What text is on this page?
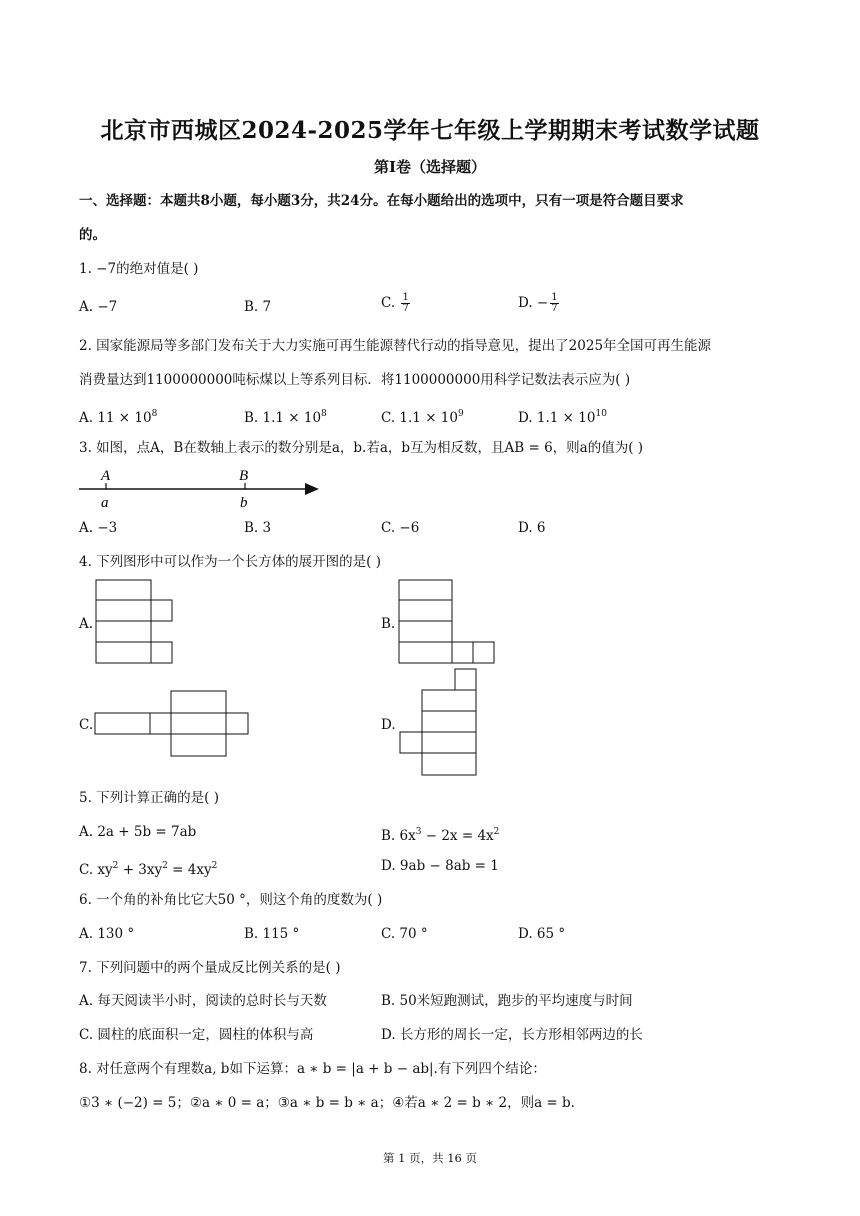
北京市西城区2024-2025学年七年级上学期期末考试数学试题
第I卷（选择题）
一、选择题：本题共8小题，每小题3分，共24分。在每小题给出的选项中，只有一项是符合题目要求
的。
1. −7的绝对值是( )
A. −7	B. 7	C. $\frac{1}{7}$	D. − $\frac{1}{7}$
2. 国家能源局等多部门发布关于大力实施可再生能源替代行动的指导意见，提出了2025年全国可再生能源
消费量达到1100000000吨标煤以上等系列目标．将1100000000用科学记数法表示应为( )
A. $11 \times 10^8$	B. $1.1 \times 10^8$	C. $1.1 \times 10^9$	D. $1.1 \times 10^{10}$
3. 如图，点A，B在数轴上表示的数分别是a，b.若a，b互为相反数，且AB = 6，则a的值为( )
A	B
a	b
A. −3	B. 3	C. −6	D. 6
4. 下列图形中可以作为一个长方体的展开图的是( )
A.	B.
C.	D.
5. 下列计算正确的是( )
A. 2a + 5b = 7ab	B. $6x^3 - 2x = 4x^2$
C. $xy^2 + 3xy^2 = 4xy^2$	D. 9ab − 8ab = 1
6. 一个角的补角比它大50 °，则这个角的度数为( )
A. 130 °	B. 115 °	C. 70 °	D. 65 °
7. 下列问题中的两个量成反比例关系的是( )
A. 每天阅读半小时，阅读的总时长与天数	B. 50米短跑测试，跑步的平均速度与时间
C. 圆柱的底面积一定，圆柱的体积与高	D. 长方形的周长一定，长方形相邻两边的长
8. 对任意两个有理数a, b如下运算：a ∗ b = |a + b − ab|.有下列四个结论：
①3 ∗ (−2) = 5；②a ∗ 0 = a；③a ∗ b = b ∗ a；④若a ∗ 2 = b ∗ 2，则a = b.
第 1 页，共 16 页
